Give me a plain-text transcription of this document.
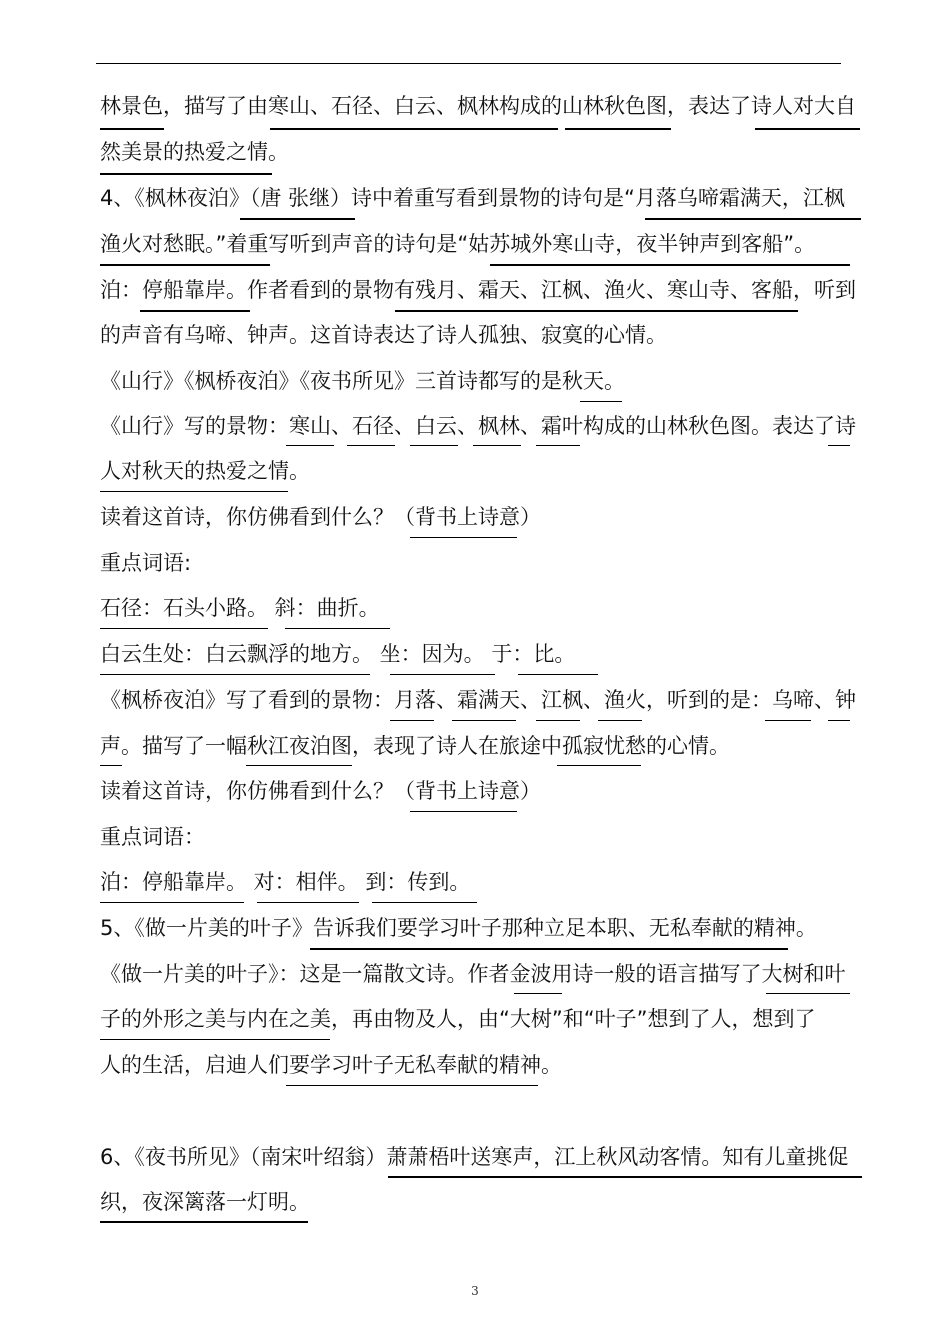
林景色，描写了由寒山、石径、白云、枫林构成的山林秋色图，表达了诗人对大自
然美景的热爱之情。
4、《枫林夜泊》（唐 张继）诗中着重写看到景物的诗句是“月落乌啼霜满天，江枫
渔火对愁眠。”着重写听到声音的诗句是“姑苏城外寒山寺，夜半钟声到客船”。
泊：停船靠岸。作者看到的景物有残月、霜天、江枫、渔火、寒山寺、客船，听到
的声音有乌啼、钟声。这首诗表达了诗人孤独、寂寞的心情。
《山行》《枫桥夜泊》《夜书所见》三首诗都写的是秋天。
《山行》写的景物：寒山、石径、白云、枫林、霜叶构成的山林秋色图。表达了诗
人对秋天的热爱之情。
读着这首诗，你仿佛看到什么？（背书上诗意）
重点词语:
石径：石头小路。 斜：曲折。
白云生处：白云飘浮的地方。 坐：因为。 于：比。
《枫桥夜泊》写了看到的景物：月落、霜满天、江枫、渔火，听到的是：乌啼、钟
声。描写了一幅秋江夜泊图，表现了诗人在旅途中孤寂忧愁的心情。
读着这首诗，你仿佛看到什么？（背书上诗意）
重点词语：
泊：停船靠岸。 对：相伴。 到：传到。
5、《做一片美的叶子》告诉我们要学习叶子那种立足本职、无私奉献的精神。
《做一片美的叶子》：这是一篇散文诗。作者金波用诗一般的语言描写了大树和叶
子的外形之美与内在之美，再由物及人，由“大树”和“叶子”想到了人，想到了
人的生活，启迪人们要学习叶子无私奉献的精神。
6、《夜书所见》（南宋叶绍翁）萧萧梧叶送寒声，江上秋风动客情。知有儿童挑促
织，夜深篱落一灯明。
3
